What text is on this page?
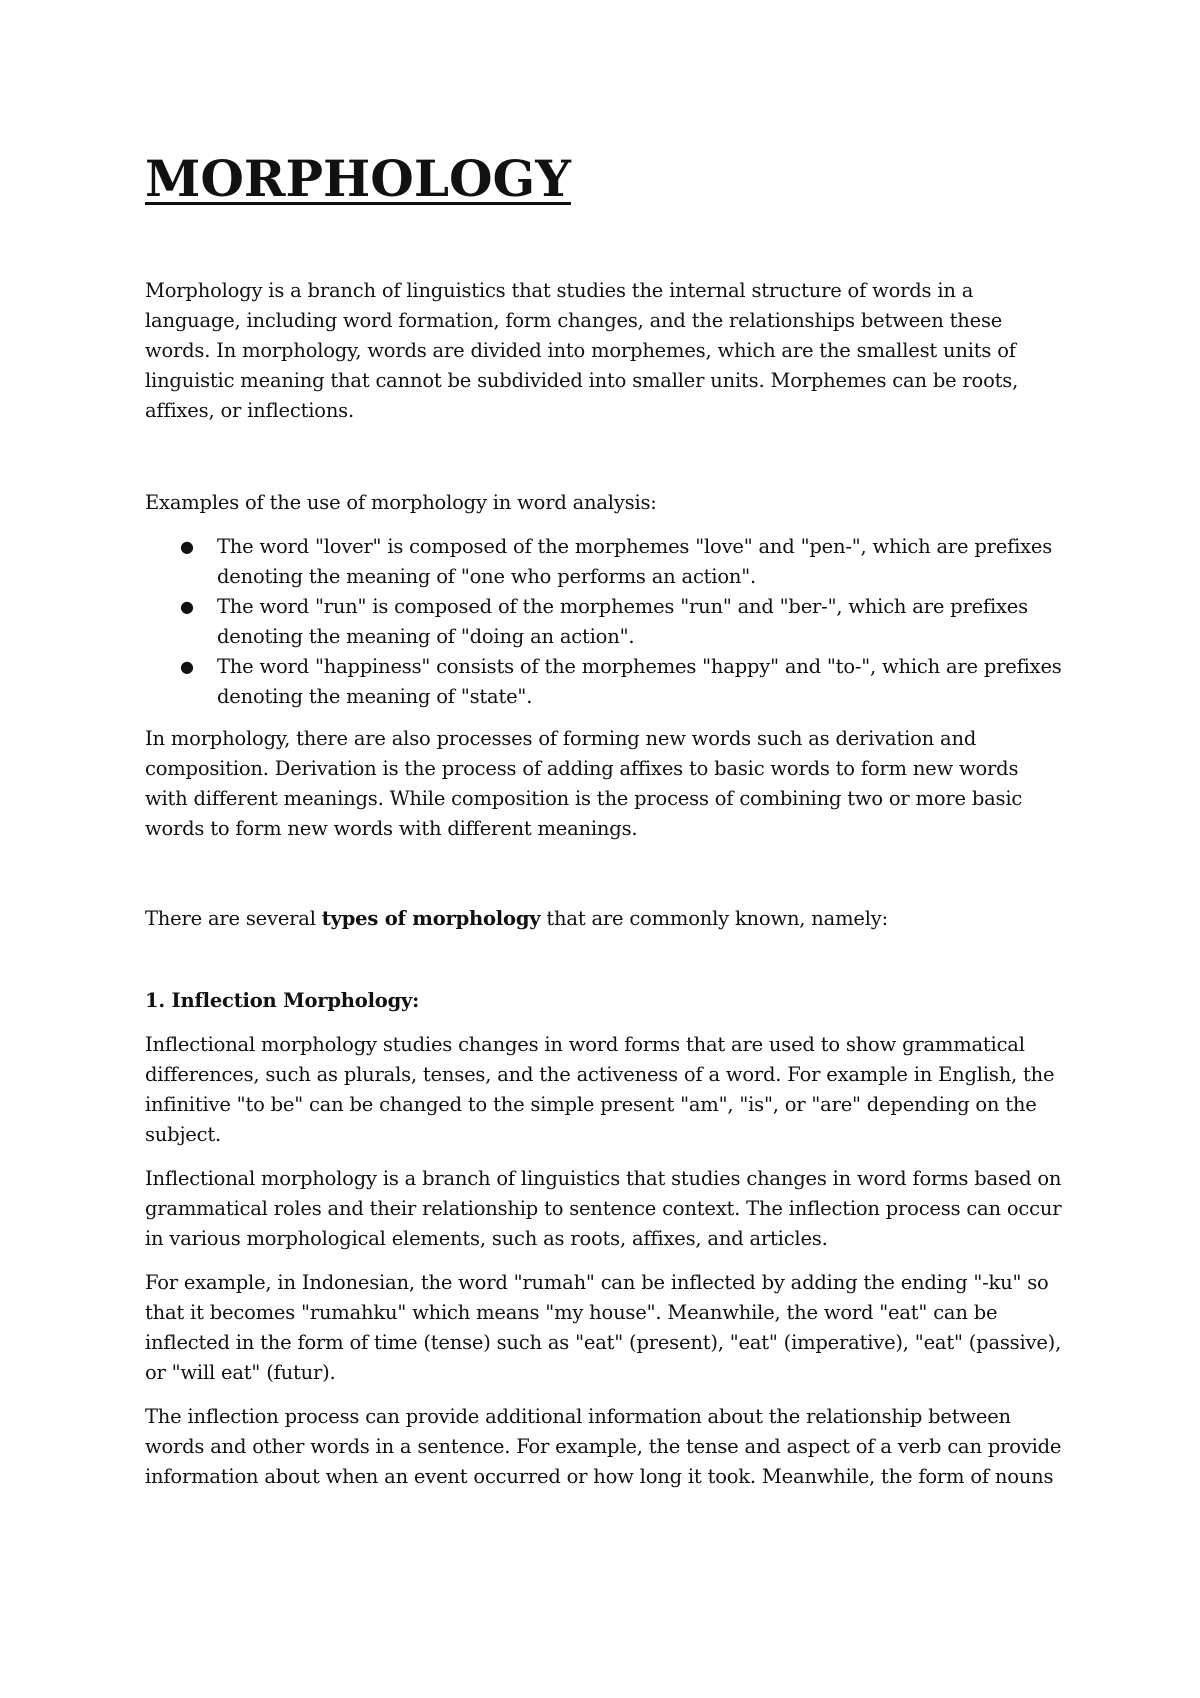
MORPHOLOGY

Morphology is a branch of linguistics that studies the internal structure of words in a language, including word formation, form changes, and the relationships between these words. In morphology, words are divided into morphemes, which are the smallest units of linguistic meaning that cannot be subdivided into smaller units. Morphemes can be roots, affixes, or inflections.

Examples of the use of morphology in word analysis:

● The word "lover" is composed of the morphemes "love" and "pen-", which are prefixes denoting the meaning of "one who performs an action".
● The word "run" is composed of the morphemes "run" and "ber-", which are prefixes denoting the meaning of "doing an action".
● The word "happiness" consists of the morphemes "happy" and "to-", which are prefixes denoting the meaning of "state".

In morphology, there are also processes of forming new words such as derivation and composition. Derivation is the process of adding affixes to basic words to form new words with different meanings. While composition is the process of combining two or more basic words to form new words with different meanings.

There are several types of morphology that are commonly known, namely:

1. Inflection Morphology:

Inflectional morphology studies changes in word forms that are used to show grammatical differences, such as plurals, tenses, and the activeness of a word. For example in English, the infinitive "to be" can be changed to the simple present "am", "is", or "are" depending on the subject.

Inflectional morphology is a branch of linguistics that studies changes in word forms based on grammatical roles and their relationship to sentence context. The inflection process can occur in various morphological elements, such as roots, affixes, and articles.

For example, in Indonesian, the word "rumah" can be inflected by adding the ending "-ku" so that it becomes "rumahku" which means "my house". Meanwhile, the word "eat" can be inflected in the form of time (tense) such as "eat" (present), "eat" (imperative), "eat" (passive), or "will eat" (futur).

The inflection process can provide additional information about the relationship between words and other words in a sentence. For example, the tense and aspect of a verb can provide information about when an event occurred or how long it took. Meanwhile, the form of nouns
